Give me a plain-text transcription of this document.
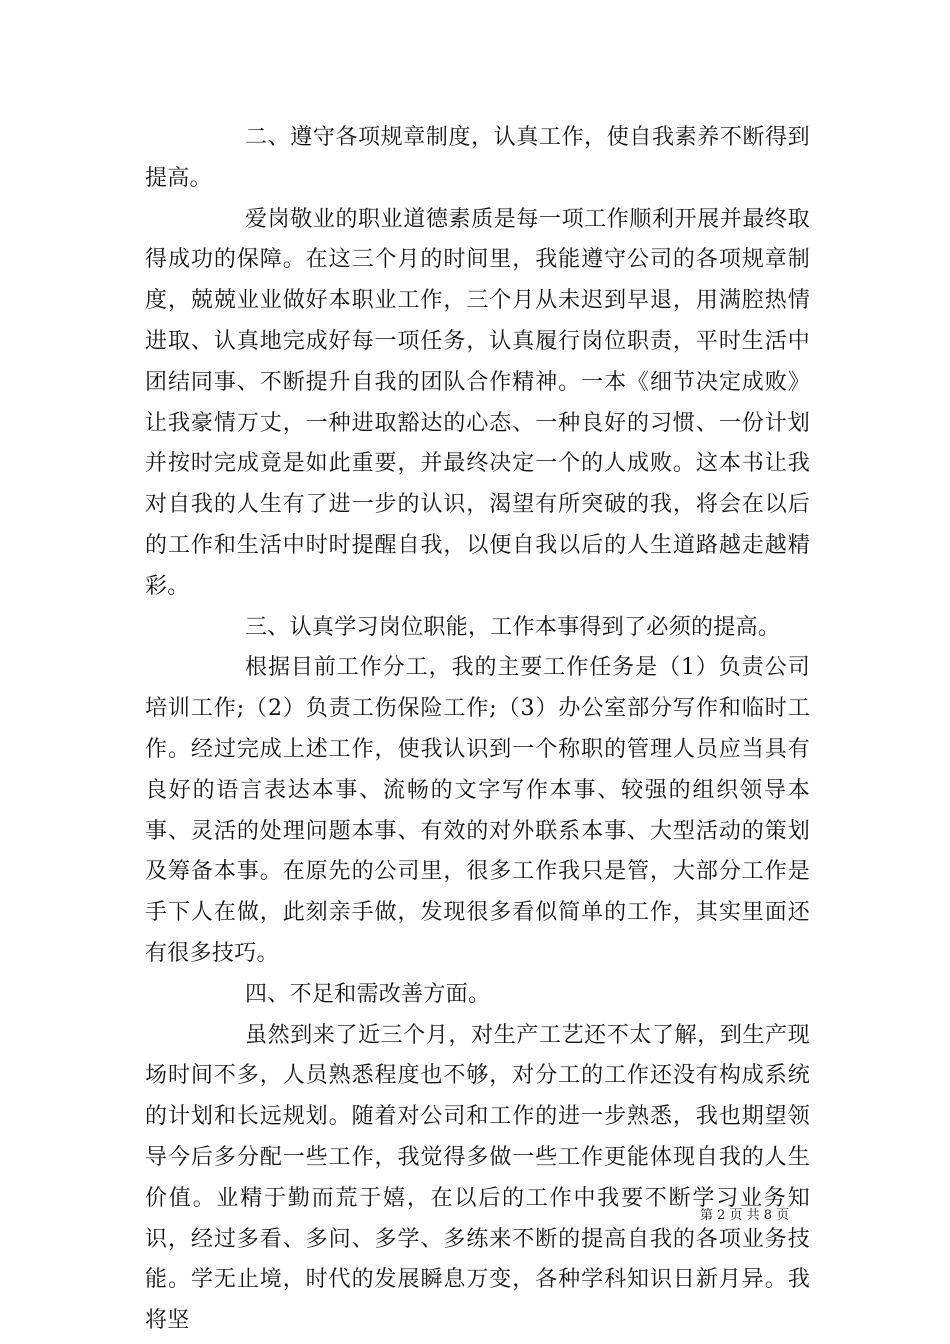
二、遵守各项规章制度，认真工作，使自我素养不断得到提高。

爱岗敬业的职业道德素质是每一项工作顺利开展并最终取得成功的保障。在这三个月的时间里，我能遵守公司的各项规章制度，兢兢业业做好本职业工作，三个月从未迟到早退，用满腔热情进取、认真地完成好每一项任务，认真履行岗位职责，平时生活中团结同事、不断提升自我的团队合作精神。一本《细节决定成败》让我豪情万丈，一种进取豁达的心态、一种良好的习惯、一份计划并按时完成竟是如此重要，并最终决定一个的人成败。这本书让我对自我的人生有了进一步的认识，渴望有所突破的我，将会在以后的工作和生活中时时提醒自我，以便自我以后的人生道路越走越精彩。

三、认真学习岗位职能，工作本事得到了必须的提高。

根据目前工作分工，我的主要工作任务是（1）负责公司培训工作;（2）负责工伤保险工作;（3）办公室部分写作和临时工作。经过完成上述工作，使我认识到一个称职的管理人员应当具有良好的语言表达本事、流畅的文字写作本事、较强的组织领导本事、灵活的处理问题本事、有效的对外联系本事、大型活动的策划及筹备本事。在原先的公司里，很多工作我只是管，大部分工作是手下人在做，此刻亲手做，发现很多看似简单的工作，其实里面还有很多技巧。

四、不足和需改善方面。

虽然到来了近三个月，对生产工艺还不太了解，到生产现场时间不多，人员熟悉程度也不够，对分工的工作还没有构成系统的计划和长远规划。随着对公司和工作的进一步熟悉，我也期望领导今后多分配一些工作，我觉得多做一些工作更能体现自我的人生价值。业精于勤而荒于嬉，在以后的工作中我要不断学习业务知识，经过多看、多问、多学、多练来不断的提高自我的各项业务技能。学无止境，时代的发展瞬息万变，各种学科知识日新月异。我将坚

第 2 页 共 8 页
